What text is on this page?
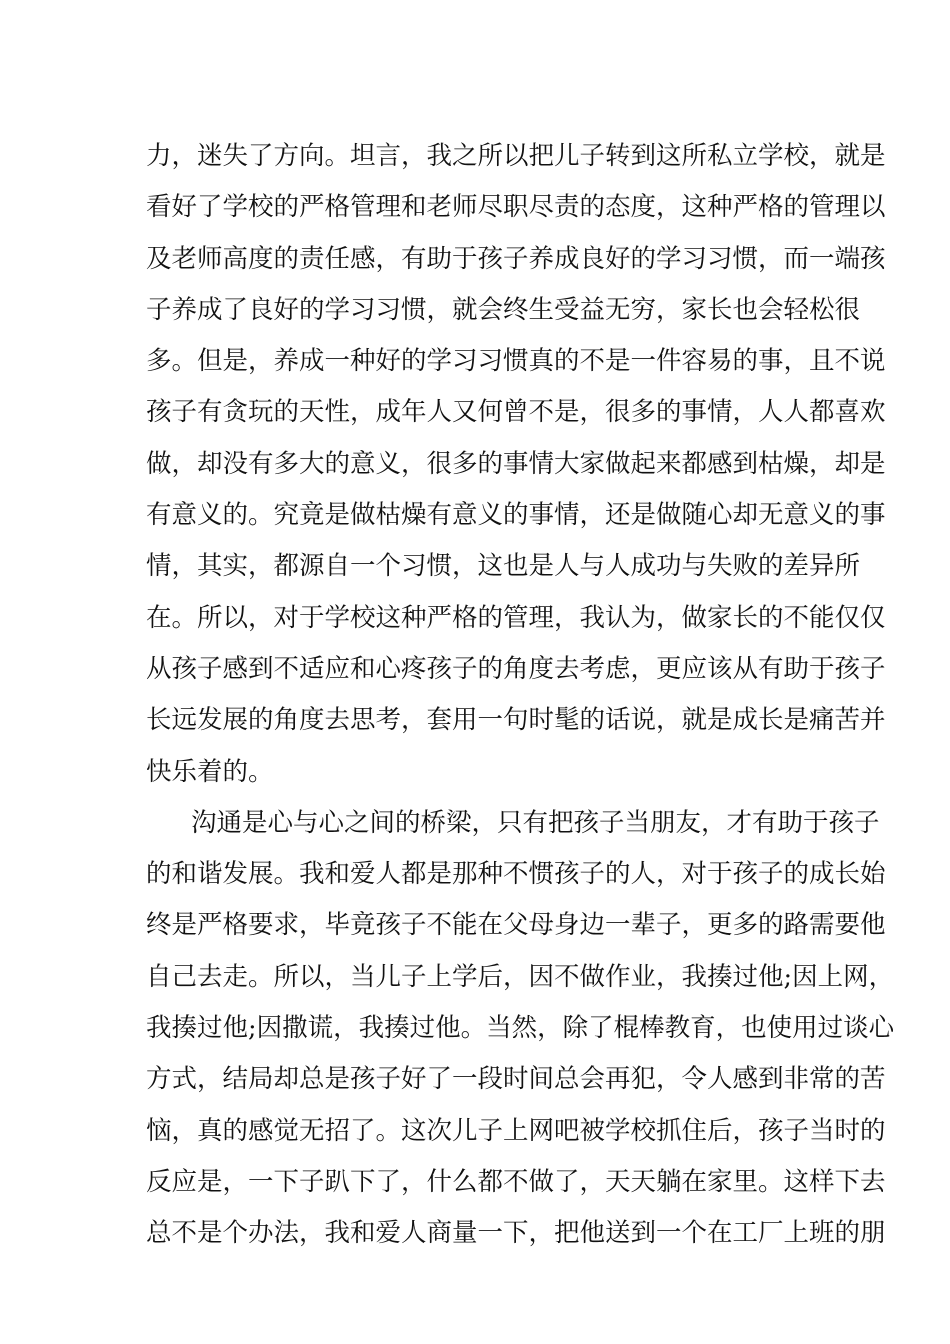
力，迷失了方向。坦言，我之所以把儿子转到这所私立学校，就是
看好了学校的严格管理和老师尽职尽责的态度，这种严格的管理以
及老师高度的责任感，有助于孩子养成良好的学习习惯，而一端孩
子养成了良好的学习习惯，就会终生受益无穷，家长也会轻松很
多。但是，养成一种好的学习习惯真的不是一件容易的事，且不说
孩子有贪玩的天性，成年人又何曾不是，很多的事情，人人都喜欢
做，却没有多大的意义，很多的事情大家做起来都感到枯燥，却是
有意义的。究竟是做枯燥有意义的事情，还是做随心却无意义的事
情，其实，都源自一个习惯，这也是人与人成功与失败的差异所
在。所以，对于学校这种严格的管理，我认为，做家长的不能仅仅
从孩子感到不适应和心疼孩子的角度去考虑，更应该从有助于孩子
长远发展的角度去思考，套用一句时髦的话说，就是成长是痛苦并
快乐着的。
沟通是心与心之间的桥梁，只有把孩子当朋友，才有助于孩子
的和谐发展。我和爱人都是那种不惯孩子的人，对于孩子的成长始
终是严格要求，毕竟孩子不能在父母身边一辈子，更多的路需要他
自己去走。所以，当儿子上学后，因不做作业，我揍过他;因上网，
我揍过他;因撒谎，我揍过他。当然，除了棍棒教育，也使用过谈心
方式，结局却总是孩子好了一段时间总会再犯，令人感到非常的苦
恼，真的感觉无招了。这次儿子上网吧被学校抓住后，孩子当时的
反应是，一下子趴下了，什么都不做了，天天躺在家里。这样下去
总不是个办法，我和爱人商量一下，把他送到一个在工厂上班的朋
